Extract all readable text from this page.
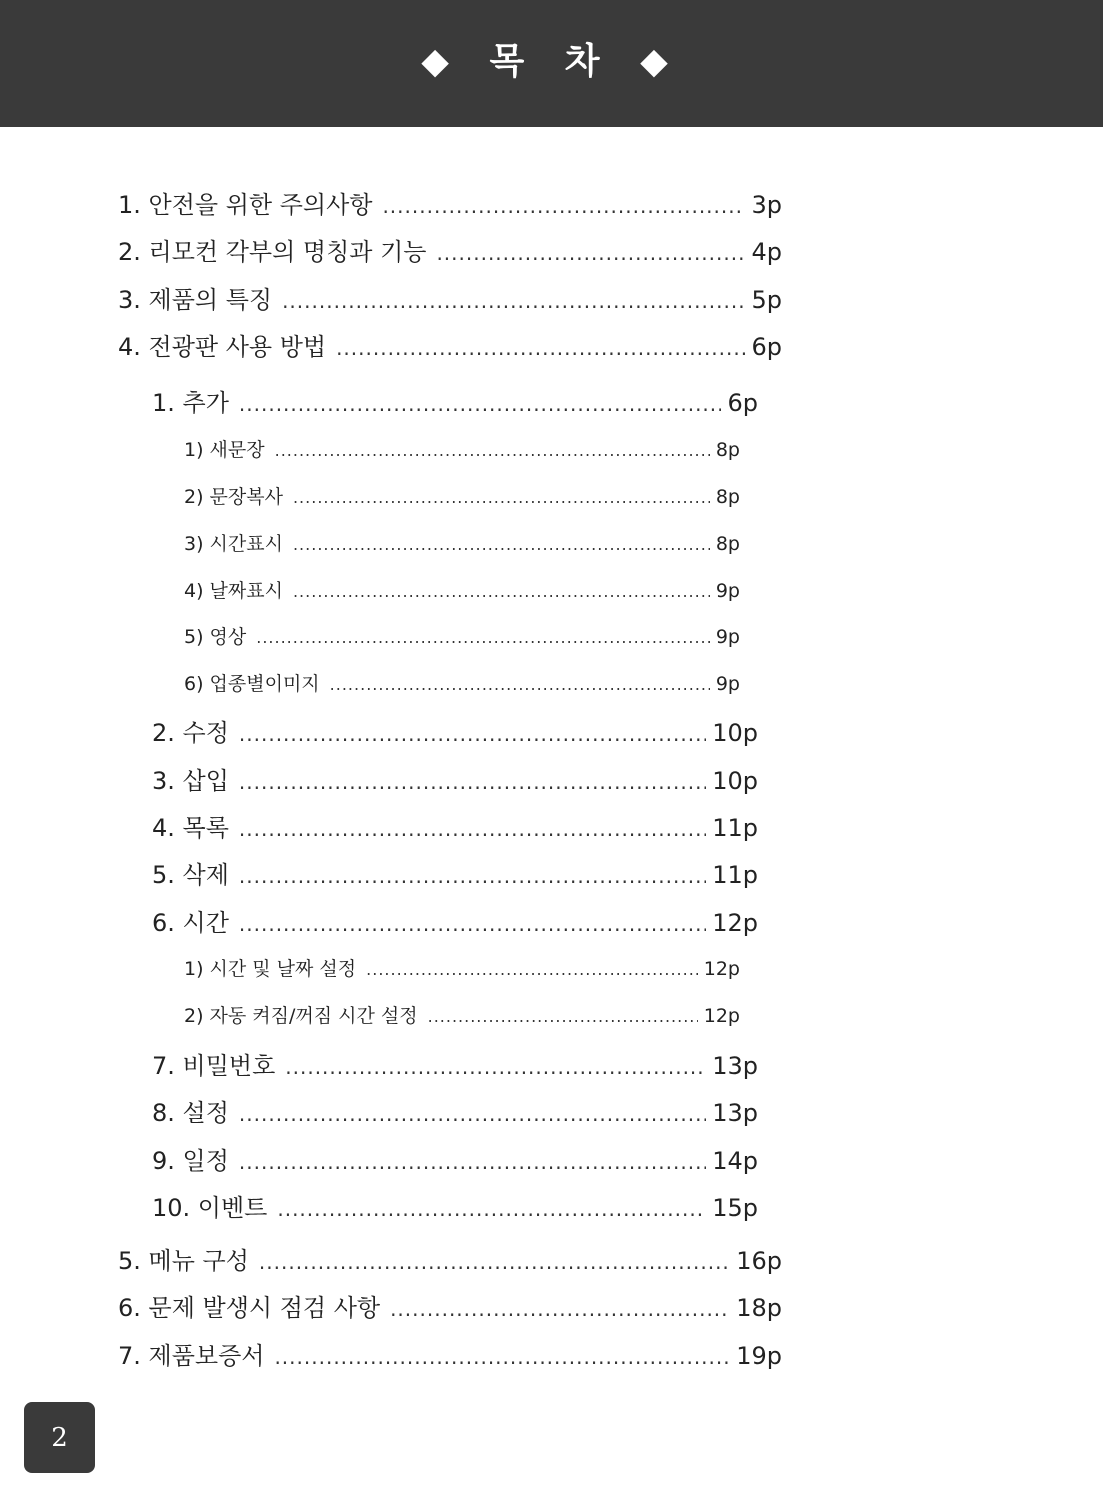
◆ 목 차 ◆
1. 안전을 위한 주의사항 .....	3p
2. 리모컨 각부의 명칭과 기능 .....	4p
3. 제품의 특징 .....	5p
4. 전광판 사용 방법 .....	6p
1. 추가 .....	6p
1) 새문장 .....	8p
2) 문장복사 .....	8p
3) 시간표시 .....	8p
4) 날짜표시 .....	9p
5) 영상 .....	9p
6) 업종별이미지 .....	9p
2. 수정 .....	10p
3. 삽입 .....	10p
4. 목록 .....	11p
5. 삭제 .....	11p
6. 시간 .....	12p
1) 시간 및 날짜 설정 .....	12p
2) 자동 켜짐/꺼짐 시간 설정 .....	12p
7. 비밀번호 .....	13p
8. 설정 .....	13p
9. 일정 .....	14p
10. 이벤트 .....	15p
5. 메뉴 구성 .....	16p
6. 문제 발생시 점검 사항 .....	18p
7. 제품보증서 .....	19p
2
